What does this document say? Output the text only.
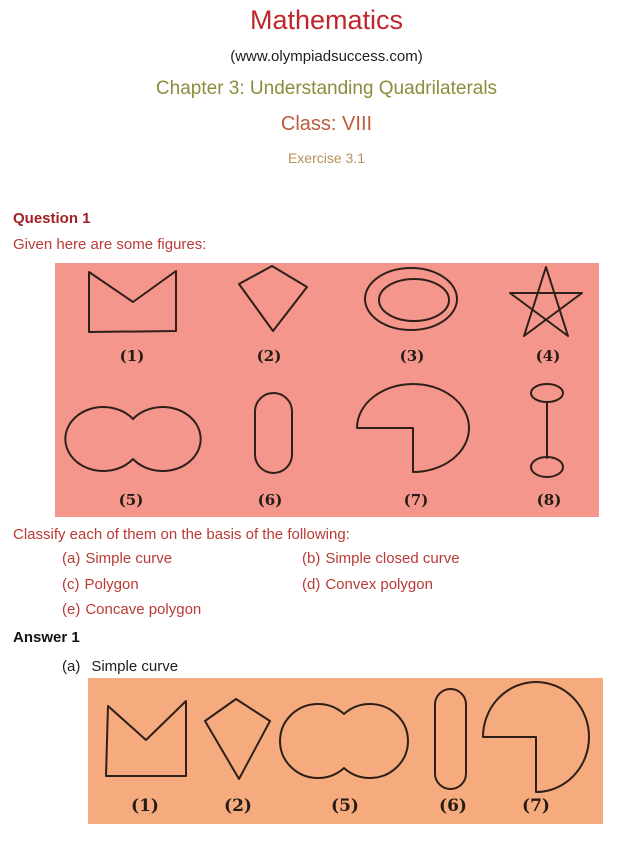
Mathematics
(www.olympiadsuccess.com)
Chapter 3: Understanding Quadrilaterals
Class: VIII
Exercise 3.1
Question 1
Given here are some figures:
(1)	(2)	(3)	(4)
(5)	(6)	(7)	(8)
Classify each of them on the basis of the following:
(a) Simple curve	(b) Simple closed curve
(c) Polygon	(d) Convex polygon
(e) Concave polygon
Answer 1
(a) Simple curve
(1)	(2)	(5)	(6)	(7)
